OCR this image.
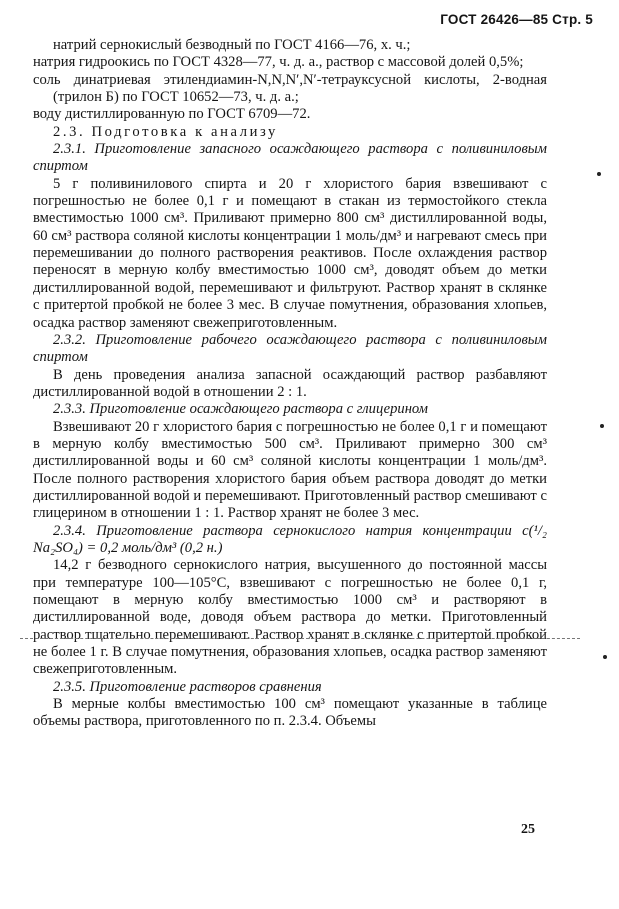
ГОСТ 26426—85 Стр. 5

натрий сернокислый безводный по ГОСТ 4166—76, х. ч.;

натрия гидроокись по ГОСТ 4328—77, ч. д. а., раствор с массовой долей 0,5%;

соль динатриевая этилендиамин-N,N,N′,N′-тетрауксусной кислоты, 2-водная (трилон Б) по ГОСТ 10652—73, ч. д. а.;

воду дистиллированную по ГОСТ 6709—72.

2.3. Подготовка к анализу

2.3.1. Приготовление запасного осаждающего раствора с поливиниловым спиртом

5 г поливинилового спирта и 20 г хлористого бария взвешивают с погрешностью не более 0,1 г и помещают в стакан из термостойкого стекла вместимостью 1000 см³. Приливают примерно 800 см³ дистиллированной воды, 60 см³ раствора соляной кислоты концентрации 1 моль/дм³ и нагревают смесь при перемешивании до полного растворения реактивов. После охлаждения раствор переносят в мерную колбу вместимостью 1000 см³, доводят объем до метки дистиллированной водой, перемешивают и фильтруют. Раствор хранят в склянке с притертой пробкой не более 3 мес. В случае помутнения, образования хлопьев, осадка раствор заменяют свежеприготовленным.

2.3.2. Приготовление рабочего осаждающего раствора с поливиниловым спиртом

В день проведения анализа запасной осаждающий раствор разбавляют дистиллированной водой в отношении 2 : 1.

2.3.3. Приготовление осаждающего раствора с глицерином

Взвешивают 20 г хлористого бария с погрешностью не более 0,1 г и помещают в мерную колбу вместимостью 500 см³. Приливают примерно 300 см³ дистиллированной воды и 60 см³ соляной кислоты концентрации 1 моль/дм³. После полного растворения хлористого бария объем раствора доводят до метки дистиллированной водой и перемешивают. Приготовленный раствор смешивают с глицерином в отношении 1 : 1. Раствор хранят не более 3 мес.

2.3.4. Приготовление раствора сернокислого натрия концентрации c(¹/₂ Na₂SO₄) = 0,2 моль/дм³ (0,2 н.)

14,2 г безводного сернокислого натрия, высушенного до постоянной массы при температуре 100—105°С, взвешивают с погрешностью не более 0,1 г, помещают в мерную колбу вместимостью 1000 см³ и растворяют в дистиллированной воде, доводя объем раствора до метки. Приготовленный раствор тщательно перемешивают. Раствор хранят в склянке с притертой пробкой не более 1 г. В случае помутнения, образования хлопьев, осадка раствор заменяют свежеприготовленным.

2.3.5. Приготовление растворов сравнения

В мерные колбы вместимостью 100 см³ помещают указанные в таблице объемы раствора, приготовленного по п. 2.3.4. Объемы

25
